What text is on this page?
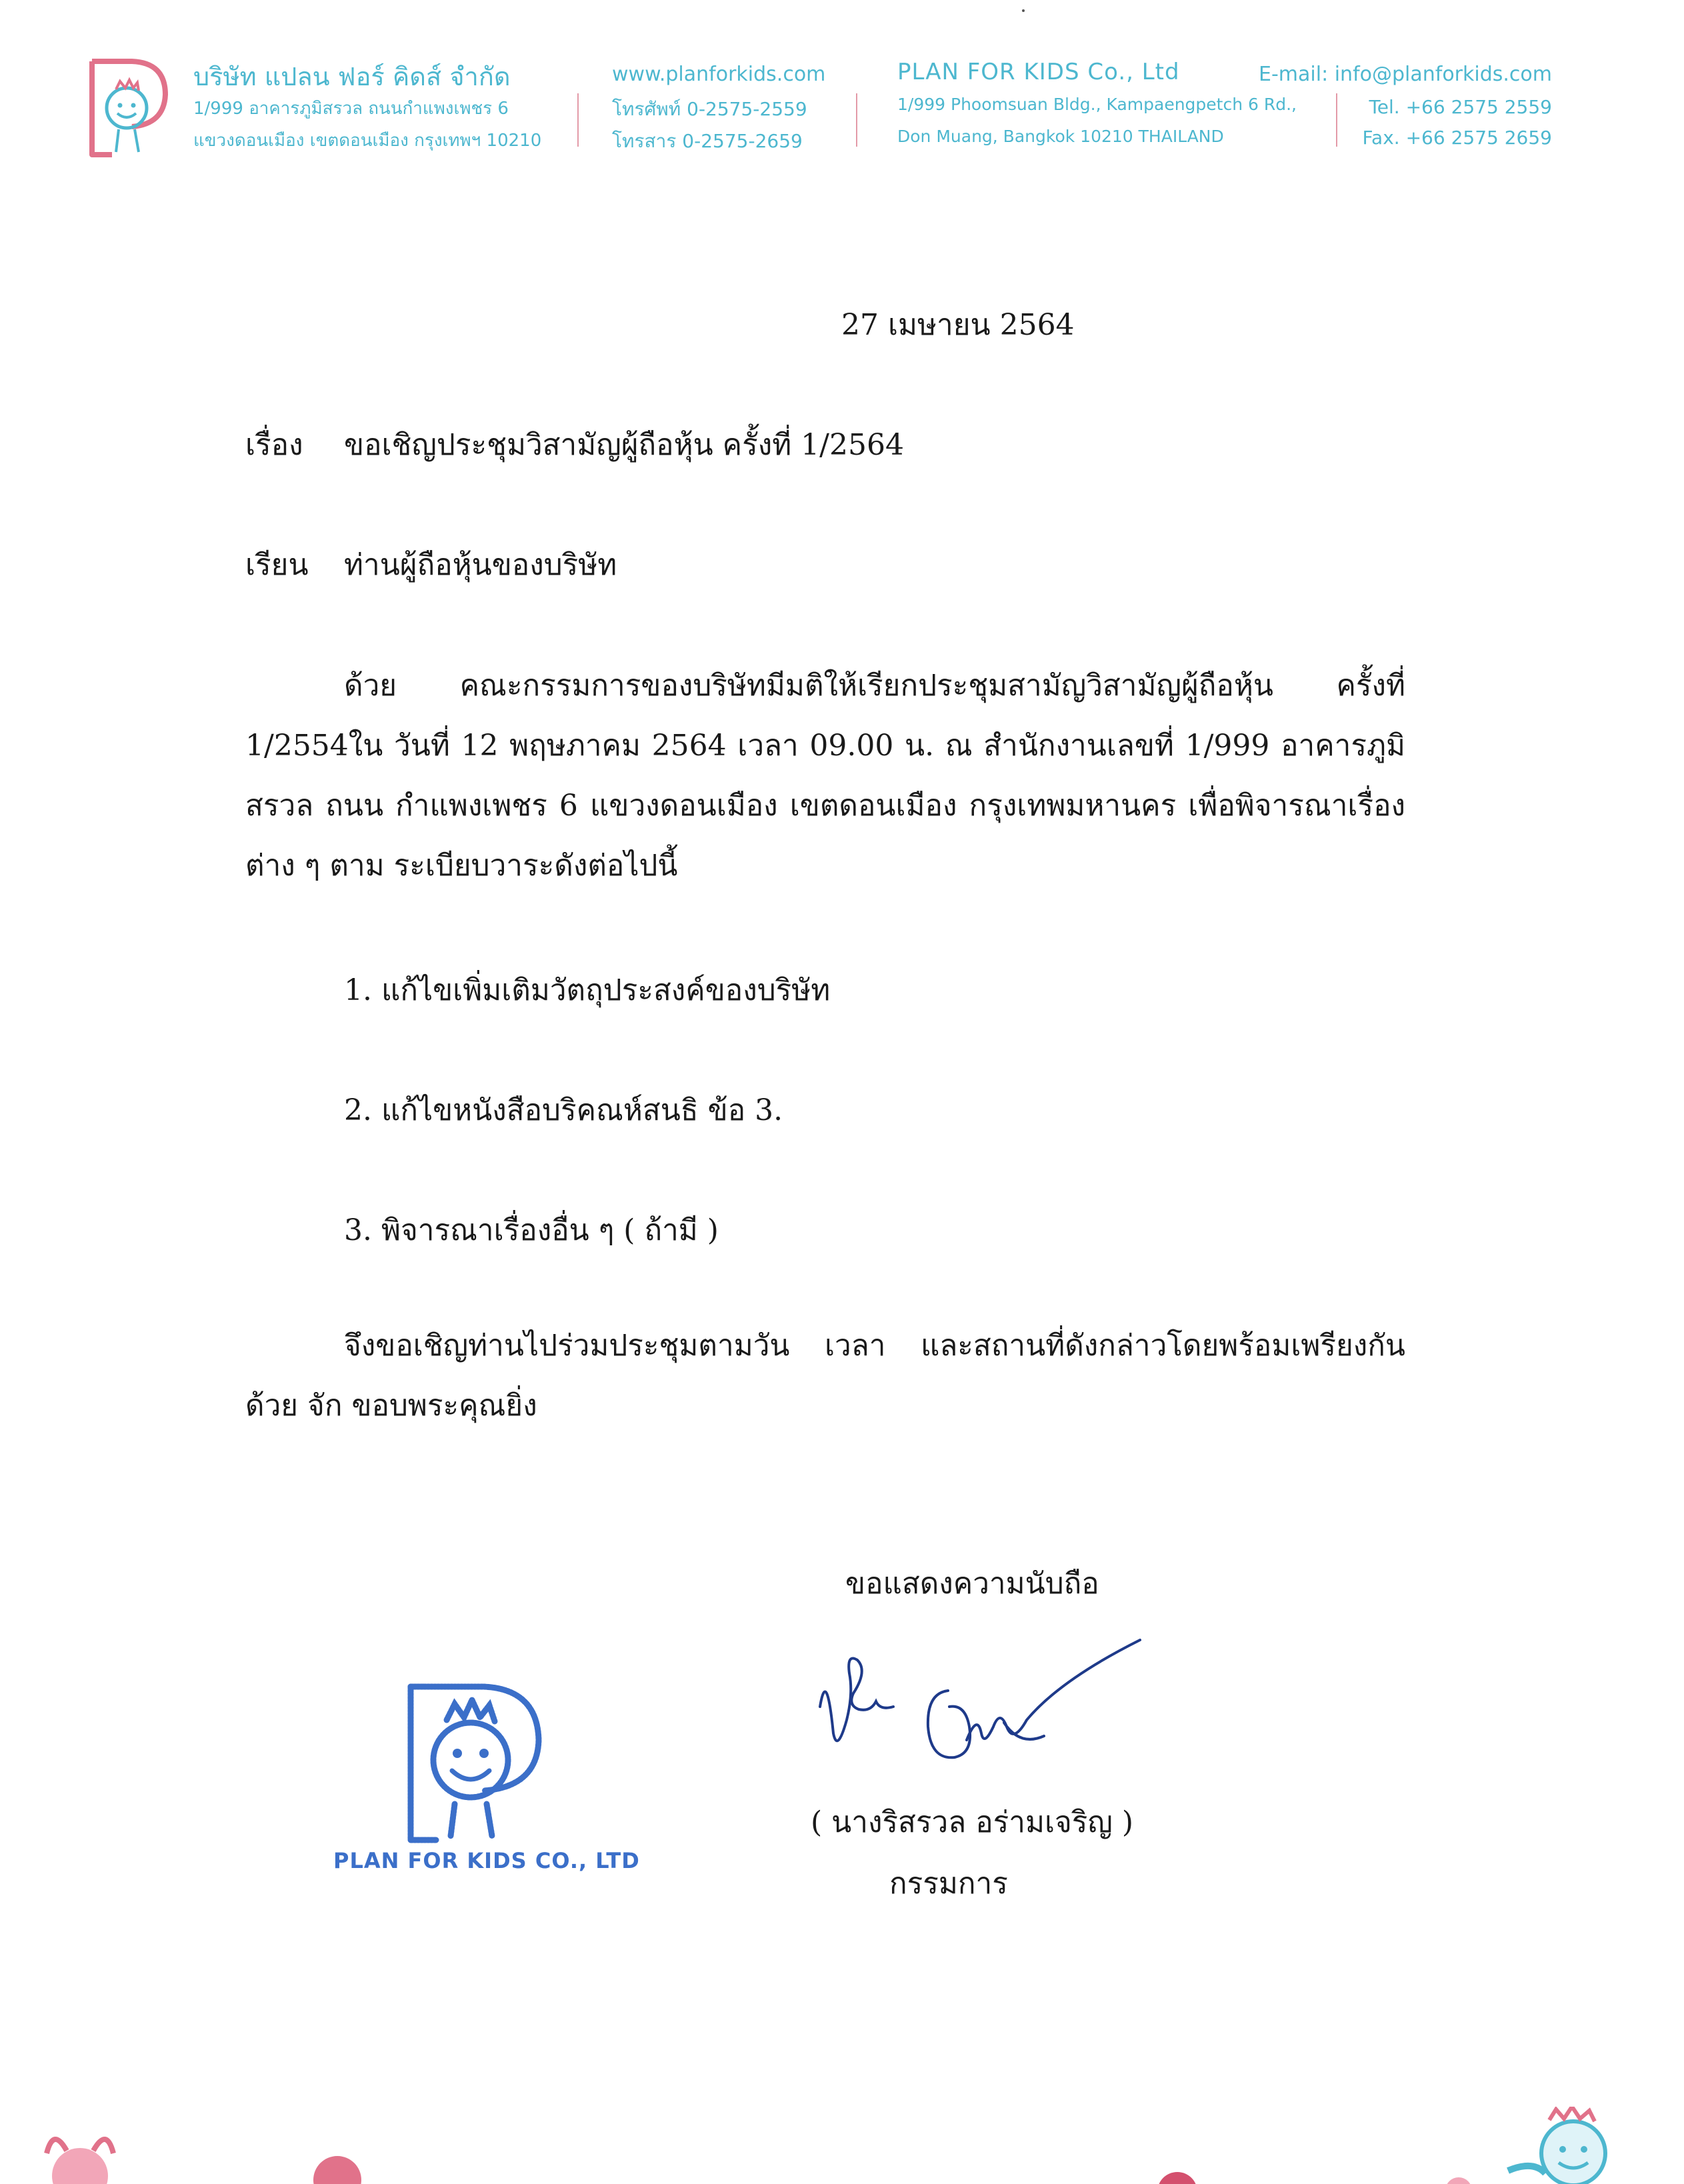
บริษัท แปลน ฟอร์ คิดส์ จำกัด
1/999 อาคารภูมิสรวล ถนนกำแพงเพชร 6
แขวงดอนเมือง เขตดอนเมือง กรุงเทพฯ 10210
www.planforkids.com
โทรศัพท์ 0-2575-2559
โทรสาร 0-2575-2659
PLAN FOR KIDS Co., Ltd
1/999 Phoomsuan Bldg., Kampaengpetch 6 Rd.,
Don Muang, Bangkok 10210 THAILAND
E-mail: info@planforkids.com
Tel. +66 2575 2559
Fax. +66 2575 2659
27 เมษายน 2564
เรื่อง ขอเชิญประชุมวิสามัญผู้ถือหุ้น ครั้งที่ 1/2564
เรียน ท่านผู้ถือหุ้นของบริษัท
ด้วย คณะกรรมการของบริษัทมีมติให้เรียกประชุมสามัญวิสามัญผู้ถือหุ้น ครั้งที่ 1/2554ใน วันที่ 12 พฤษภาคม 2564 เวลา 09.00 น. ณ สำนักงานเลขที่ 1/999 อาคารภูมิสรวล ถนน กำแพงเพชร 6 แขวงดอนเมือง เขตดอนเมือง กรุงเทพมหานคร เพื่อพิจารณาเรื่องต่าง ๆ ตาม ระเบียบวาระดังต่อไปนี้
1. แก้ไขเพิ่มเติมวัตถุประสงค์ของบริษัท
2. แก้ไขหนังสือบริคณห์สนธิ ข้อ 3.
3. พิจารณาเรื่องอื่น ๆ ( ถ้ามี )
จึงขอเชิญท่านไปร่วมประชุมตามวัน เวลา และสถานที่ดังกล่าวโดยพร้อมเพรียงกันด้วย จัก ขอบพระคุณยิ่ง
ขอแสดงความนับถือ
( นางริสรวล อร่ามเจริญ )
กรรมการ
PLAN FOR KIDS CO., LTD
